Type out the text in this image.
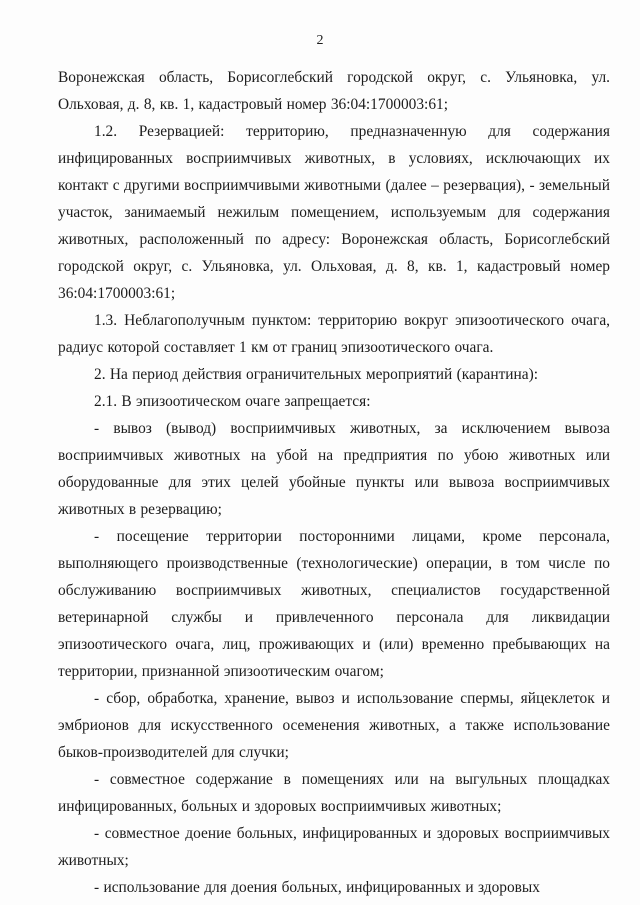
2

Воронежская область, Борисоглебский городской округ, с. Ульяновка, ул. Ольховая, д. 8, кв. 1, кадастровый номер 36:04:1700003:61;

1.2. Резервацией: территорию, предназначенную для содержания инфицированных восприимчивых животных, в условиях, исключающих их контакт с другими восприимчивыми животными (далее – резервация), - земельный участок, занимаемый нежилым помещением, используемым для содержания животных, расположенный по адресу: Воронежская область, Борисоглебский городской округ, с. Ульяновка, ул. Ольховая, д. 8, кв. 1, кадастровый номер 36:04:1700003:61;

1.3. Неблагополучным пунктом: территорию вокруг эпизоотического очага, радиус которой составляет 1 км от границ эпизоотического очага.

2. На период действия ограничительных мероприятий (карантина):

2.1. В эпизоотическом очаге запрещается:

- вывоз (вывод) восприимчивых животных, за исключением вывоза восприимчивых животных на убой на предприятия по убою животных или оборудованные для этих целей убойные пункты или вывоза восприимчивых животных в резервацию;

- посещение территории посторонними лицами, кроме персонала, выполняющего производственные (технологические) операции, в том числе по обслуживанию восприимчивых животных, специалистов государственной ветеринарной службы и привлеченного персонала для ликвидации эпизоотического очага, лиц, проживающих и (или) временно пребывающих на территории, признанной эпизоотическим очагом;

- сбор, обработка, хранение, вывоз и использование спермы, яйцеклеток и эмбрионов для искусственного осеменения животных, а также использование быков-производителей для случки;

- совместное содержание в помещениях или на выгульных площадках инфицированных, больных и здоровых восприимчивых животных;

- совместное доение больных, инфицированных и здоровых восприимчивых животных;

- использование для доения больных, инфицированных и здоровых
